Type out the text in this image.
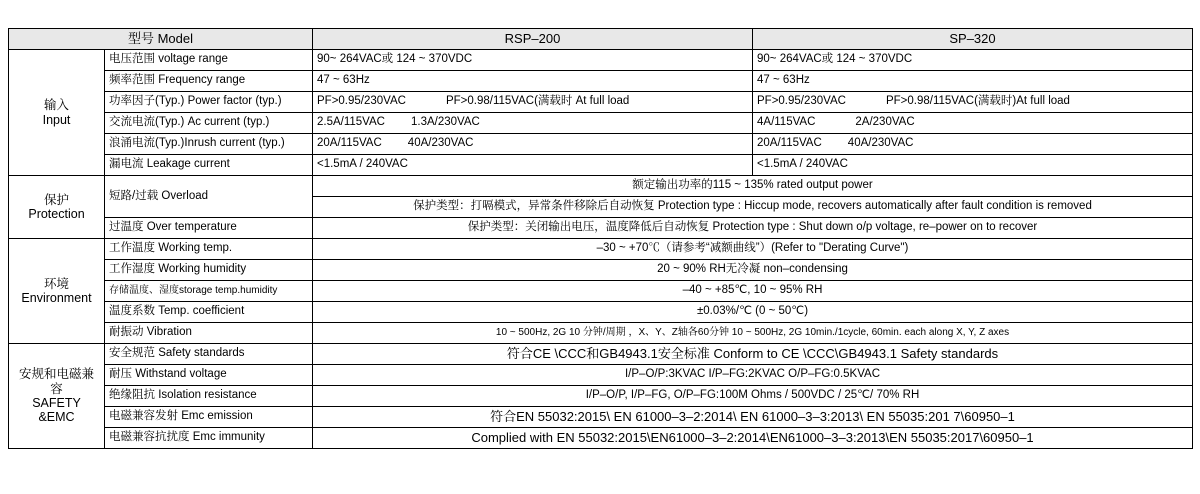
型号 Model		RSP–200	SP–320

输入
Input	电压范围 voltage range	90~ 264VAC或 124 ~ 370VDC	90~ 264VAC或 124 ~ 370VDC
	频率范围 Frequency range	47 ~ 63Hz	47 ~ 63Hz
	功率因子(Typ.) Power factor (typ.)	PF>0.95/230VAC PF>0.98/115VAC(满载时 At full load	PF>0.95/230VAC PF>0.98/115VAC(满载时)At full load
	交流电流(Typ.) Ac current (typ.)	2.5A/115VAC 1.3A/230VAC	4A/115VAC 2A/230VAC
	浪涌电流(Typ.)Inrush current (typ.)	20A/115VAC 40A/230VAC	20A/115VAC 40A/230VAC
	漏电流 Leakage current	<1.5mA / 240VAC	<1.5mA / 240VAC

保护
Protection	短路/过载 Overload	额定输出功率的115 ~ 135% rated output power	
		保护类型：打嗝模式，异常条件移除后自动恢复 Protection type : Hiccup mode, recovers automatically after fault condition is removed	
	过温度 Over temperature	保护类型：关闭输出电压，温度降低后自动恢复 Protection type : Shut down o/p voltage, re–power on to recover	

环境
Environment	工作温度 Working temp.	–30 ~ +70℃（请参考“减额曲线”）(Refer to "Derating Curve")	
	工作湿度 Working humidity	20 ~ 90% RH无冷凝 non–condensing	
	存储温度、湿度storage temp.humidity	–40 ~ +85℃, 10 ~ 95% RH	
	温度系数 Temp. coefficient	±0.03%/℃ (0 ~ 50℃)	
	耐振动 Vibration	10 ~ 500Hz, 2G 10 分钟/周期 ，X、Y、Z轴各60分钟 10 ~ 500Hz, 2G 10min./1cycle, 60min. each along X, Y, Z axes	

安规和电磁兼容
SAFETY &EMC	安全规范 Safety standards	符合CE \CCC和GB4943.1安全标准 Conform to CE \CCC\GB4943.1 Safety standards	
	耐压 Withstand voltage	I/P–O/P:3KVAC I/P–FG:2KVAC O/P–FG:0.5KVAC	
	绝缘阻抗 Isolation resistance	I/P–O/P, I/P–FG, O/P–FG:100M Ohms / 500VDC / 25℃/ 70% RH	
	电磁兼容发射 Emc emission	符合EN 55032:2015\ EN 61000–3–2:2014\ EN 61000–3–3:2013\ EN 55035:201 7\60950–1	
	电磁兼容抗扰度 Emc immunity	Complied with EN 55032:2015\EN61000–3–2:2014\EN61000–3–3:2013\EN 55035:2017\60950–1	
